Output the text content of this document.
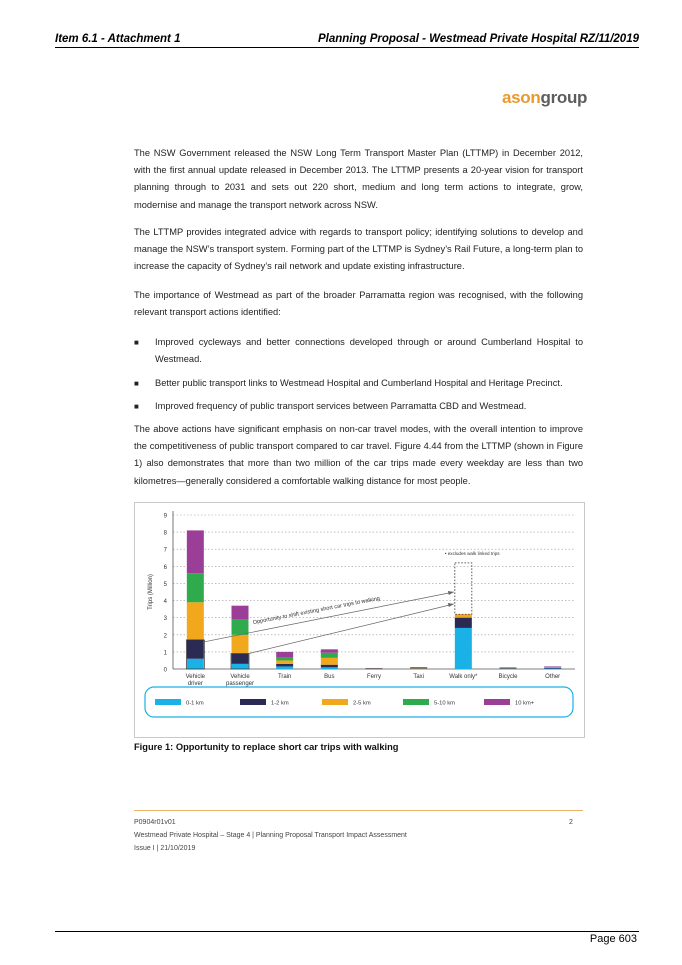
Item 6.1 - Attachment 1	Planning Proposal - Westmead Private Hospital RZ/11/2019
asongroup
The NSW Government released the NSW Long Term Transport Master Plan (LTTMP) in December 2012, with the first annual update released in December 2013. The LTTMP presents a 20-year vision for transport planning through to 2031 and sets out 220 short, medium and long term actions to integrate, grow, modernise and manage the transport network across NSW.
The LTTMP provides integrated advice with regards to transport policy; identifying solutions to develop and manage the NSW’s transport system. Forming part of the LTTMP is Sydney’s Rail Future, a long-term plan to increase the capacity of Sydney’s rail network and update existing infrastructure.
The importance of Westmead as part of the broader Parramatta region was recognised, with the following relevant transport actions identified:
■ Improved cycleways and better connections developed through or around Cumberland Hospital to Westmead.
■ Better public transport links to Westmead Hospital and Cumberland Hospital and Heritage Precinct.
■ Improved frequency of public transport services between Parramatta CBD and Westmead.
The above actions have significant emphasis on non-car travel modes, with the overall intention to improve the competitiveness of public transport compared to car travel. Figure 4.44 from the LTTMP (shown in Figure 1) also demonstrates that more than two million of the car trips made every weekday are less than two kilometres—generally considered a comfortable walking distance for most people.
0
1
2
3
4
5
6
7
8
9
Trips (Million)
Vehicle
driver
Vehicle
passenger
Train	Bus	Ferry	Taxi
• excludes walk linked trips
Walk only*	Bicycle	Other
Opportunity to shift existing short car trips to walking
0-1 km	1-2 km	2-5 km	5-10 km	10 km+
Figure 1: Opportunity to replace short car trips with walking
P0904r01v01
Westmead Private Hospital – Stage 4 | Planning Proposal Transport Impact Assessment
Issue I | 21/10/2019
2
Page 603
